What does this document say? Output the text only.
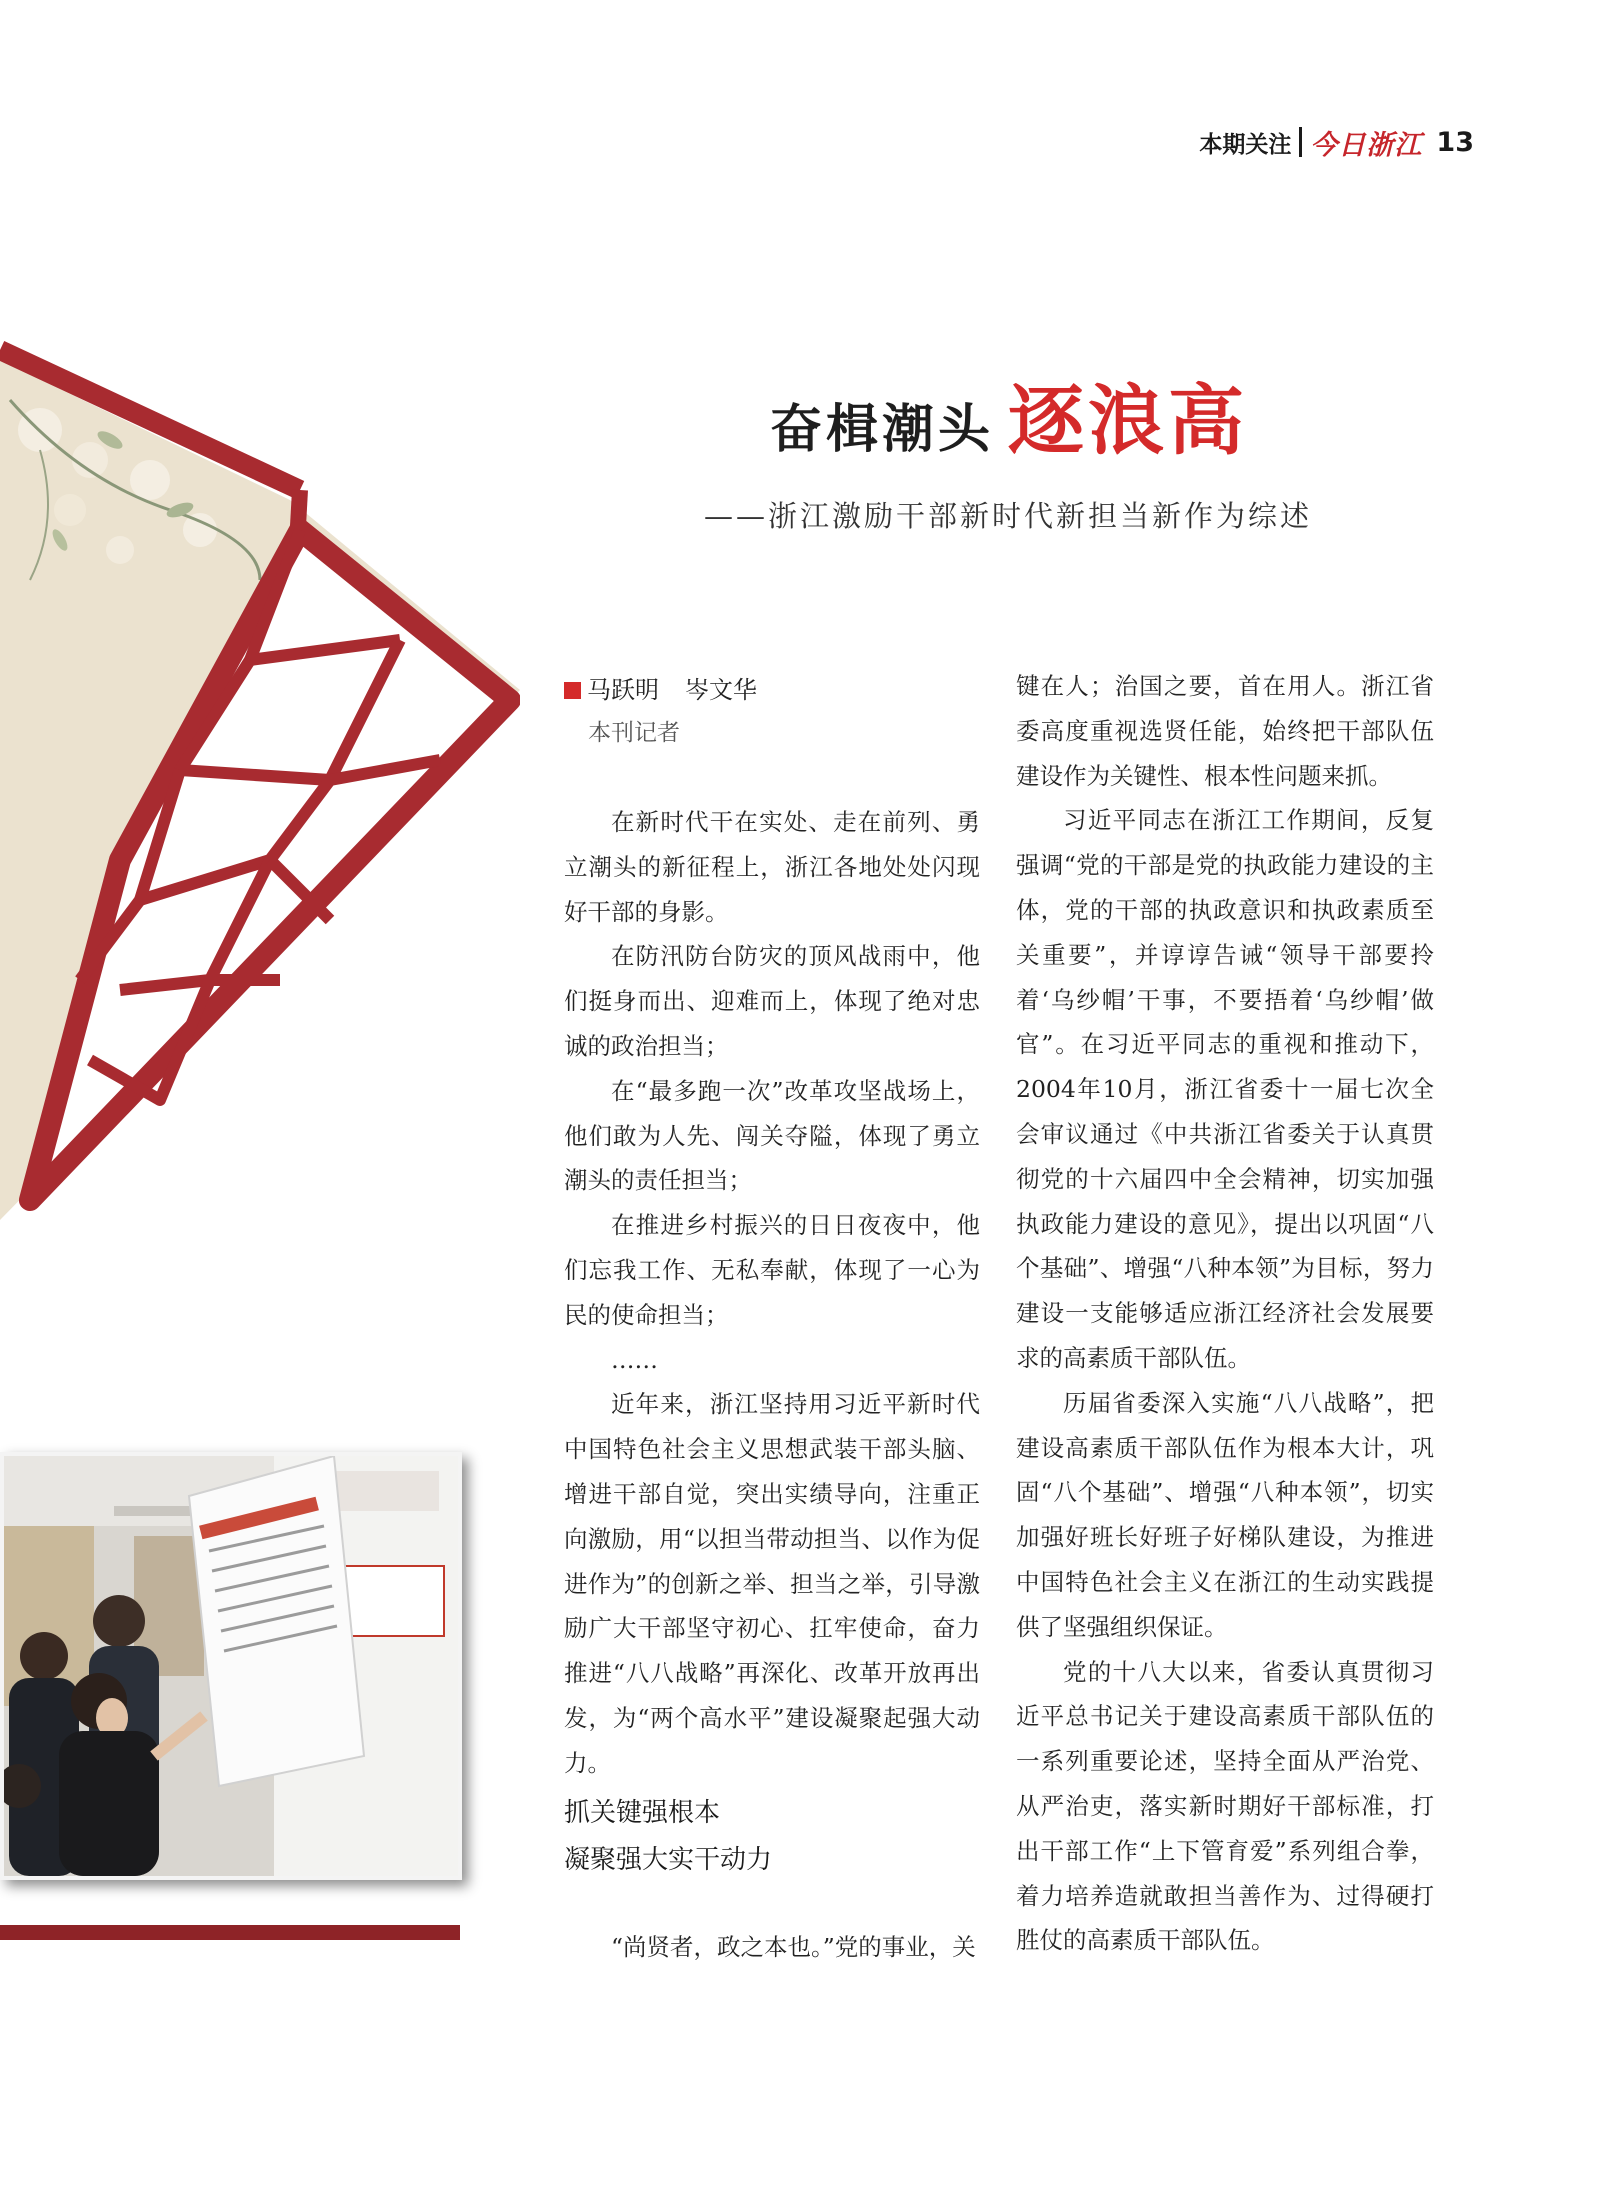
本期关注 今日浙江 13
奋楫潮头 逐浪高
——浙江激励干部新时代新担当新作为综述
马跃明 岑文华
本刊记者

在新时代干在实处、走在前列、勇立潮头的新征程上，浙江各地处处闪现好干部的身影。

在防汛防台防灾的顶风战雨中，他们挺身而出、迎难而上，体现了绝对忠诚的政治担当；

在“最多跑一次”改革攻坚战场上，他们敢为人先、闯关夺隘，体现了勇立潮头的责任担当；

在推进乡村振兴的日日夜夜中，他们忘我工作、无私奉献，体现了一心为民的使命担当；

……

近年来，浙江坚持用习近平新时代中国特色社会主义思想武装干部头脑、增进干部自觉，突出实绩导向，注重正向激励，用“以担当带动担当、以作为促进作为”的创新之举、担当之举，引导激励广大干部坚守初心、扛牢使命，奋力推进“八八战略”再深化、改革开放再出发，为“两个高水平”建设凝聚起强大动力。

抓关键强根本
凝聚强大实干动力

“尚贤者，政之本也。”党的事业，关

键在人；治国之要，首在用人。浙江省委高度重视选贤任能，始终把干部队伍建设作为关键性、根本性问题来抓。

习近平同志在浙江工作期间，反复强调“党的干部是党的执政能力建设的主体，党的干部的执政意识和执政素质至关重要”，并谆谆告诫“领导干部要拎着‘乌纱帽’干事，不要捂着‘乌纱帽’做官”。在习近平同志的重视和推动下，2004年10月，浙江省委十一届七次全会审议通过《中共浙江省委关于认真贯彻党的十六届四中全会精神，切实加强执政能力建设的意见》，提出以巩固“八个基础”、增强“八种本领”为目标，努力建设一支能够适应浙江经济社会发展要求的高素质干部队伍。

历届省委深入实施“八八战略”，把建设高素质干部队伍作为根本大计，巩固“八个基础”、增强“八种本领”，切实加强好班长好班子好梯队建设，为推进中国特色社会主义在浙江的生动实践提供了坚强组织保证。

党的十八大以来，省委认真贯彻习近平总书记关于建设高素质干部队伍的一系列重要论述，坚持全面从严治党、从严治吏，落实新时期好干部标准，打出干部工作“上下管育爱”系列组合拳，着力培养造就敢担当善作为、过得硬打胜仗的高素质干部队伍。
